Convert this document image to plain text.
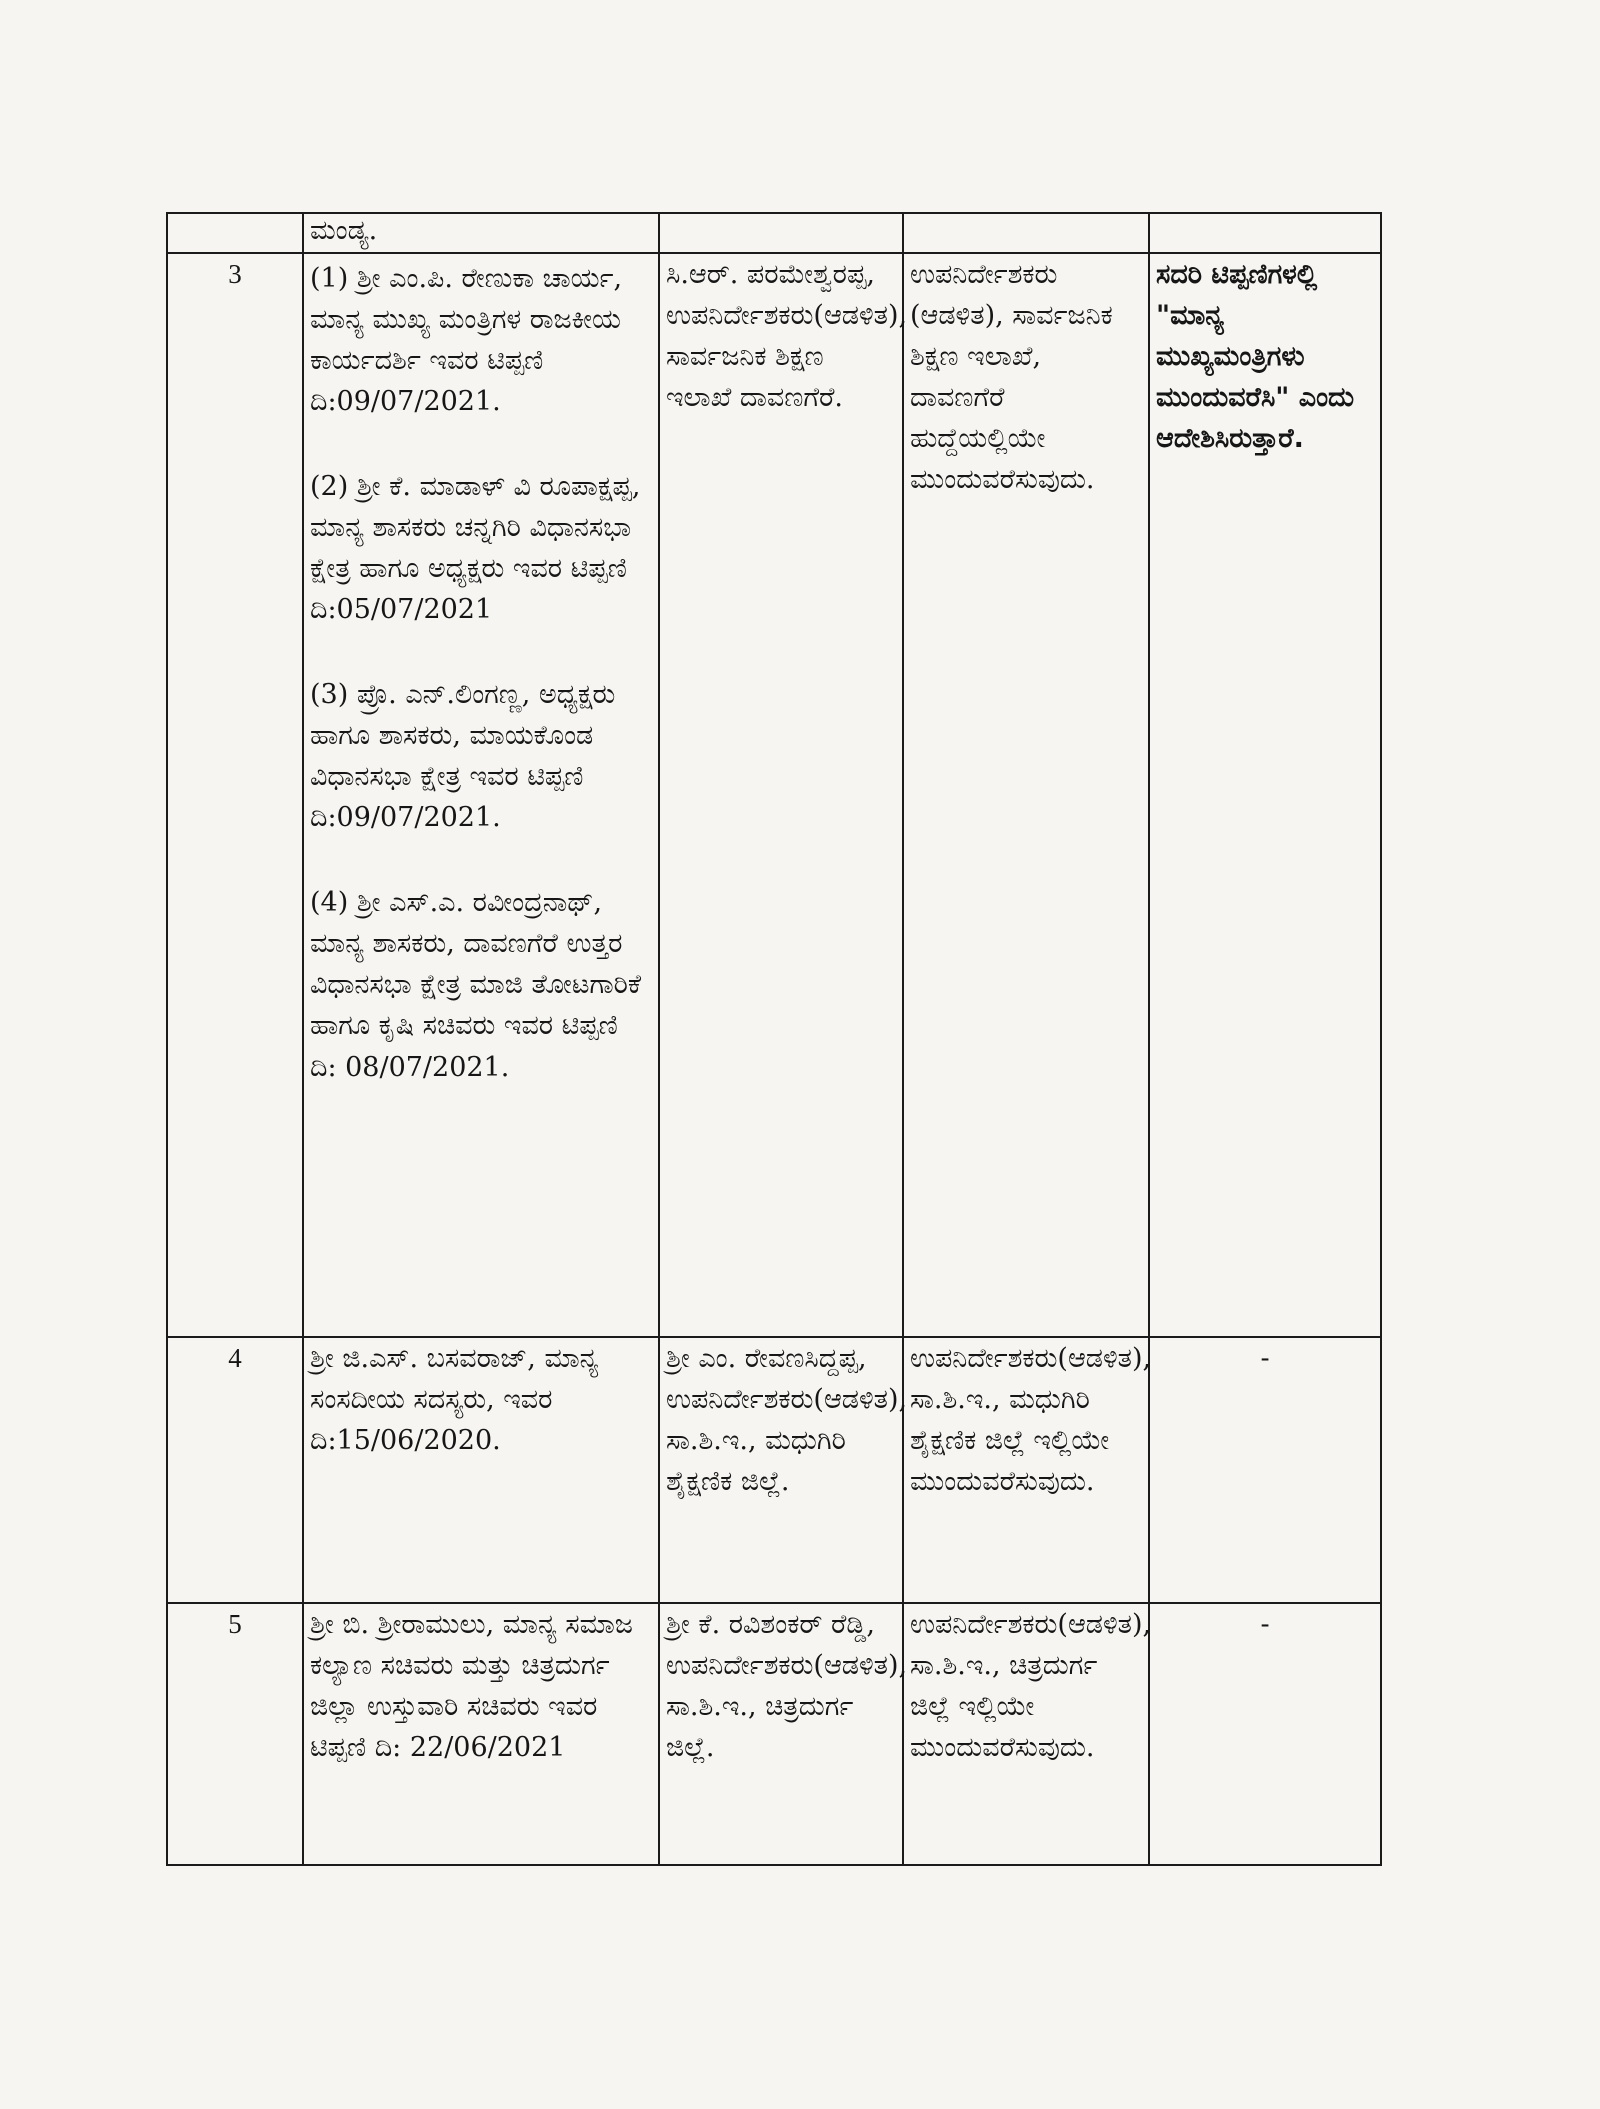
	ಮಂಡ್ಯ.			
3	(1) ಶ್ರೀ ಎಂ.ಪಿ. ರೇಣುಕಾ ಚಾರ್ಯ, ಮಾನ್ಯ ಮುಖ್ಯ ಮಂತ್ರಿಗಳ ರಾಜಕೀಯ ಕಾರ್ಯದರ್ಶಿ ಇವರ ಟಿಪ್ಪಣಿ ದಿ:09/07/2021.

(2) ಶ್ರೀ ಕೆ. ಮಾಡಾಳ್ ವಿ ರೂಪಾಕ್ಷಪ್ಪ, ಮಾನ್ಯ ಶಾಸಕರು ಚನ್ನಗಿರಿ ವಿಧಾನಸಭಾ ಕ್ಷೇತ್ರ ಹಾಗೂ ಅಧ್ಯಕ್ಷರು ಇವರ ಟಿಪ್ಪಣಿ ದಿ:05/07/2021

(3) ಪ್ರೊ. ಎನ್.ಲಿಂಗಣ್ಣ, ಅಧ್ಯಕ್ಷರು ಹಾಗೂ ಶಾಸಕರು, ಮಾಯಕೊಂಡ ವಿಧಾನಸಭಾ ಕ್ಷೇತ್ರ ಇವರ ಟಿಪ್ಪಣಿ ದಿ:09/07/2021.

(4) ಶ್ರೀ ಎಸ್.ಎ. ರವೀಂದ್ರನಾಥ್, ಮಾನ್ಯ ಶಾಸಕರು, ದಾವಣಗೆರೆ ಉತ್ತರ ವಿಧಾನಸಭಾ ಕ್ಷೇತ್ರ ಮಾಜಿ ತೋಟಗಾರಿಕೆ ಹಾಗೂ ಕೃಷಿ ಸಚಿವರು ಇವರ ಟಿಪ್ಪಣಿ ದಿ: 08/07/2021.	ಸಿ.ಆರ್. ಪರಮೇಶ್ವರಪ್ಪ, ಉಪನಿರ್ದೇಶಕರು(ಆಡಳಿತ), ಸಾರ್ವಜನಿಕ ಶಿಕ್ಷಣ ಇಲಾಖೆ ದಾವಣಗೆರೆ.	ಉಪನಿರ್ದೇಶಕರು (ಆಡಳಿತ), ಸಾರ್ವಜನಿಕ ಶಿಕ್ಷಣ ಇಲಾಖೆ, ದಾವಣಗೆರೆ ಹುದ್ದೆಯಲ್ಲಿಯೇ ಮುಂದುವರೆಸುವುದು.	ಸದರಿ ಟಿಪ್ಪಣಿಗಳಲ್ಲಿ "ಮಾನ್ಯ ಮುಖ್ಯಮಂತ್ರಿಗಳು ಮುಂದುವರೆಸಿ" ಎಂದು ಆದೇಶಿಸಿರುತ್ತಾರೆ.
4	ಶ್ರೀ ಜಿ.ಎಸ್. ಬಸವರಾಜ್, ಮಾನ್ಯ ಸಂಸದೀಯ ಸದಸ್ಯರು, ಇವರ ದಿ:15/06/2020.	ಶ್ರೀ ಎಂ. ರೇವಣಸಿದ್ದಪ್ಪ, ಉಪನಿರ್ದೇಶಕರು(ಆಡಳಿತ), ಸಾ.ಶಿ.ಇ., ಮಧುಗಿರಿ ಶೈಕ್ಷಣಿಕ ಜಿಲ್ಲೆ.	ಉಪನಿರ್ದೇಶಕರು(ಆಡಳಿತ), ಸಾ.ಶಿ.ಇ., ಮಧುಗಿರಿ ಶೈಕ್ಷಣಿಕ ಜಿಲ್ಲೆ ಇಲ್ಲಿಯೇ ಮುಂದುವರೆಸುವುದು.	-
5	ಶ್ರೀ ಬಿ. ಶ್ರೀರಾಮುಲು, ಮಾನ್ಯ ಸಮಾಜ ಕಲ್ಯಾಣ ಸಚಿವರು ಮತ್ತು ಚಿತ್ರದುರ್ಗ ಜಿಲ್ಲಾ ಉಸ್ತುವಾರಿ ಸಚಿವರು ಇವರ ಟಿಪ್ಪಣಿ ದಿ: 22/06/2021	ಶ್ರೀ ಕೆ. ರವಿಶಂಕರ್ ರೆಡ್ಡಿ, ಉಪನಿರ್ದೇಶಕರು(ಆಡಳಿತ), ಸಾ.ಶಿ.ಇ., ಚಿತ್ರದುರ್ಗ ಜಿಲ್ಲೆ.	ಉಪನಿರ್ದೇಶಕರು(ಆಡಳಿತ), ಸಾ.ಶಿ.ಇ., ಚಿತ್ರದುರ್ಗ ಜಿಲ್ಲೆ ಇಲ್ಲಿಯೇ ಮುಂದುವರೆಸುವುದು.	-
